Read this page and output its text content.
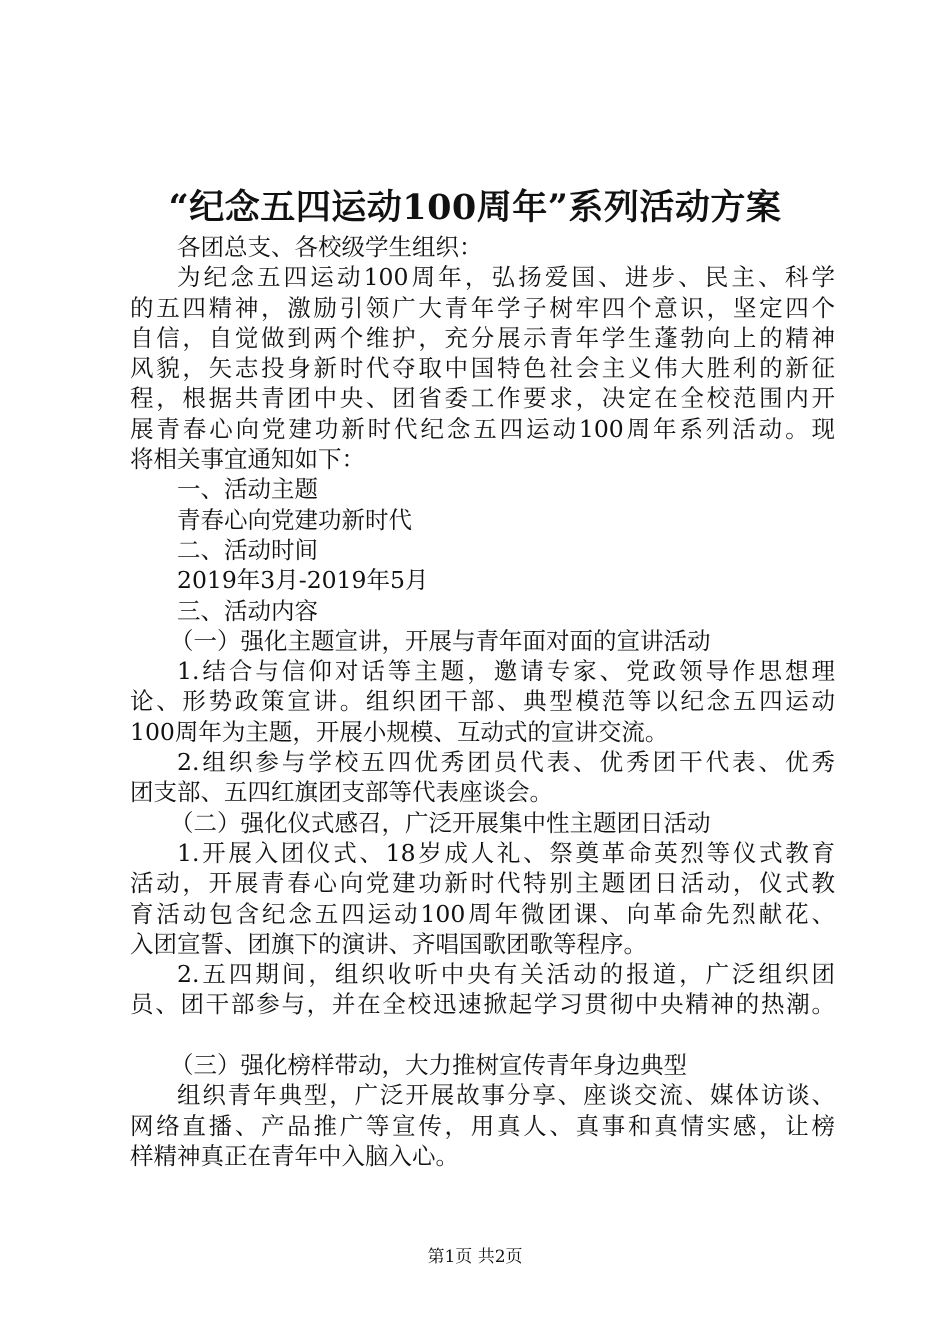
“纪念五四运动100周年”系列活动方案
各团总支、各校级学生组织：
为纪念五四运动100周年，弘扬爱国、进步、民主、科学
的五四精神，激励引领广大青年学子树牢四个意识，坚定四个
自信，自觉做到两个维护，充分展示青年学生蓬勃向上的精神
风貌，矢志投身新时代夺取中国特色社会主义伟大胜利的新征
程，根据共青团中央、团省委工作要求，决定在全校范围内开
展青春心向党建功新时代纪念五四运动100周年系列活动。现
将相关事宜通知如下：
一、活动主题
青春心向党建功新时代
二、活动时间
2019年3月-2019年5月
三、活动内容
（一）强化主题宣讲，开展与青年面对面的宣讲活动
1.结合与信仰对话等主题，邀请专家、党政领导作思想理
论、形势政策宣讲。组织团干部、典型模范等以纪念五四运动
100周年为主题，开展小规模、互动式的宣讲交流。
2.组织参与学校五四优秀团员代表、优秀团干代表、优秀
团支部、五四红旗团支部等代表座谈会。
（二）强化仪式感召，广泛开展集中性主题团日活动
1.开展入团仪式、18岁成人礼、祭奠革命英烈等仪式教育
活动，开展青春心向党建功新时代特别主题团日活动，仪式教
育活动包含纪念五四运动100周年微团课、向革命先烈献花、
入团宣誓、团旗下的演讲、齐唱国歌团歌等程序。
2.五四期间，组织收听中央有关活动的报道，广泛组织团
员、团干部参与，并在全校迅速掀起学习贯彻中央精神的热潮。
（三）强化榜样带动，大力推树宣传青年身边典型
组织青年典型，广泛开展故事分享、座谈交流、媒体访谈、
网络直播、产品推广等宣传，用真人、真事和真情实感，让榜
样精神真正在青年中入脑入心。
第1页 共2页
